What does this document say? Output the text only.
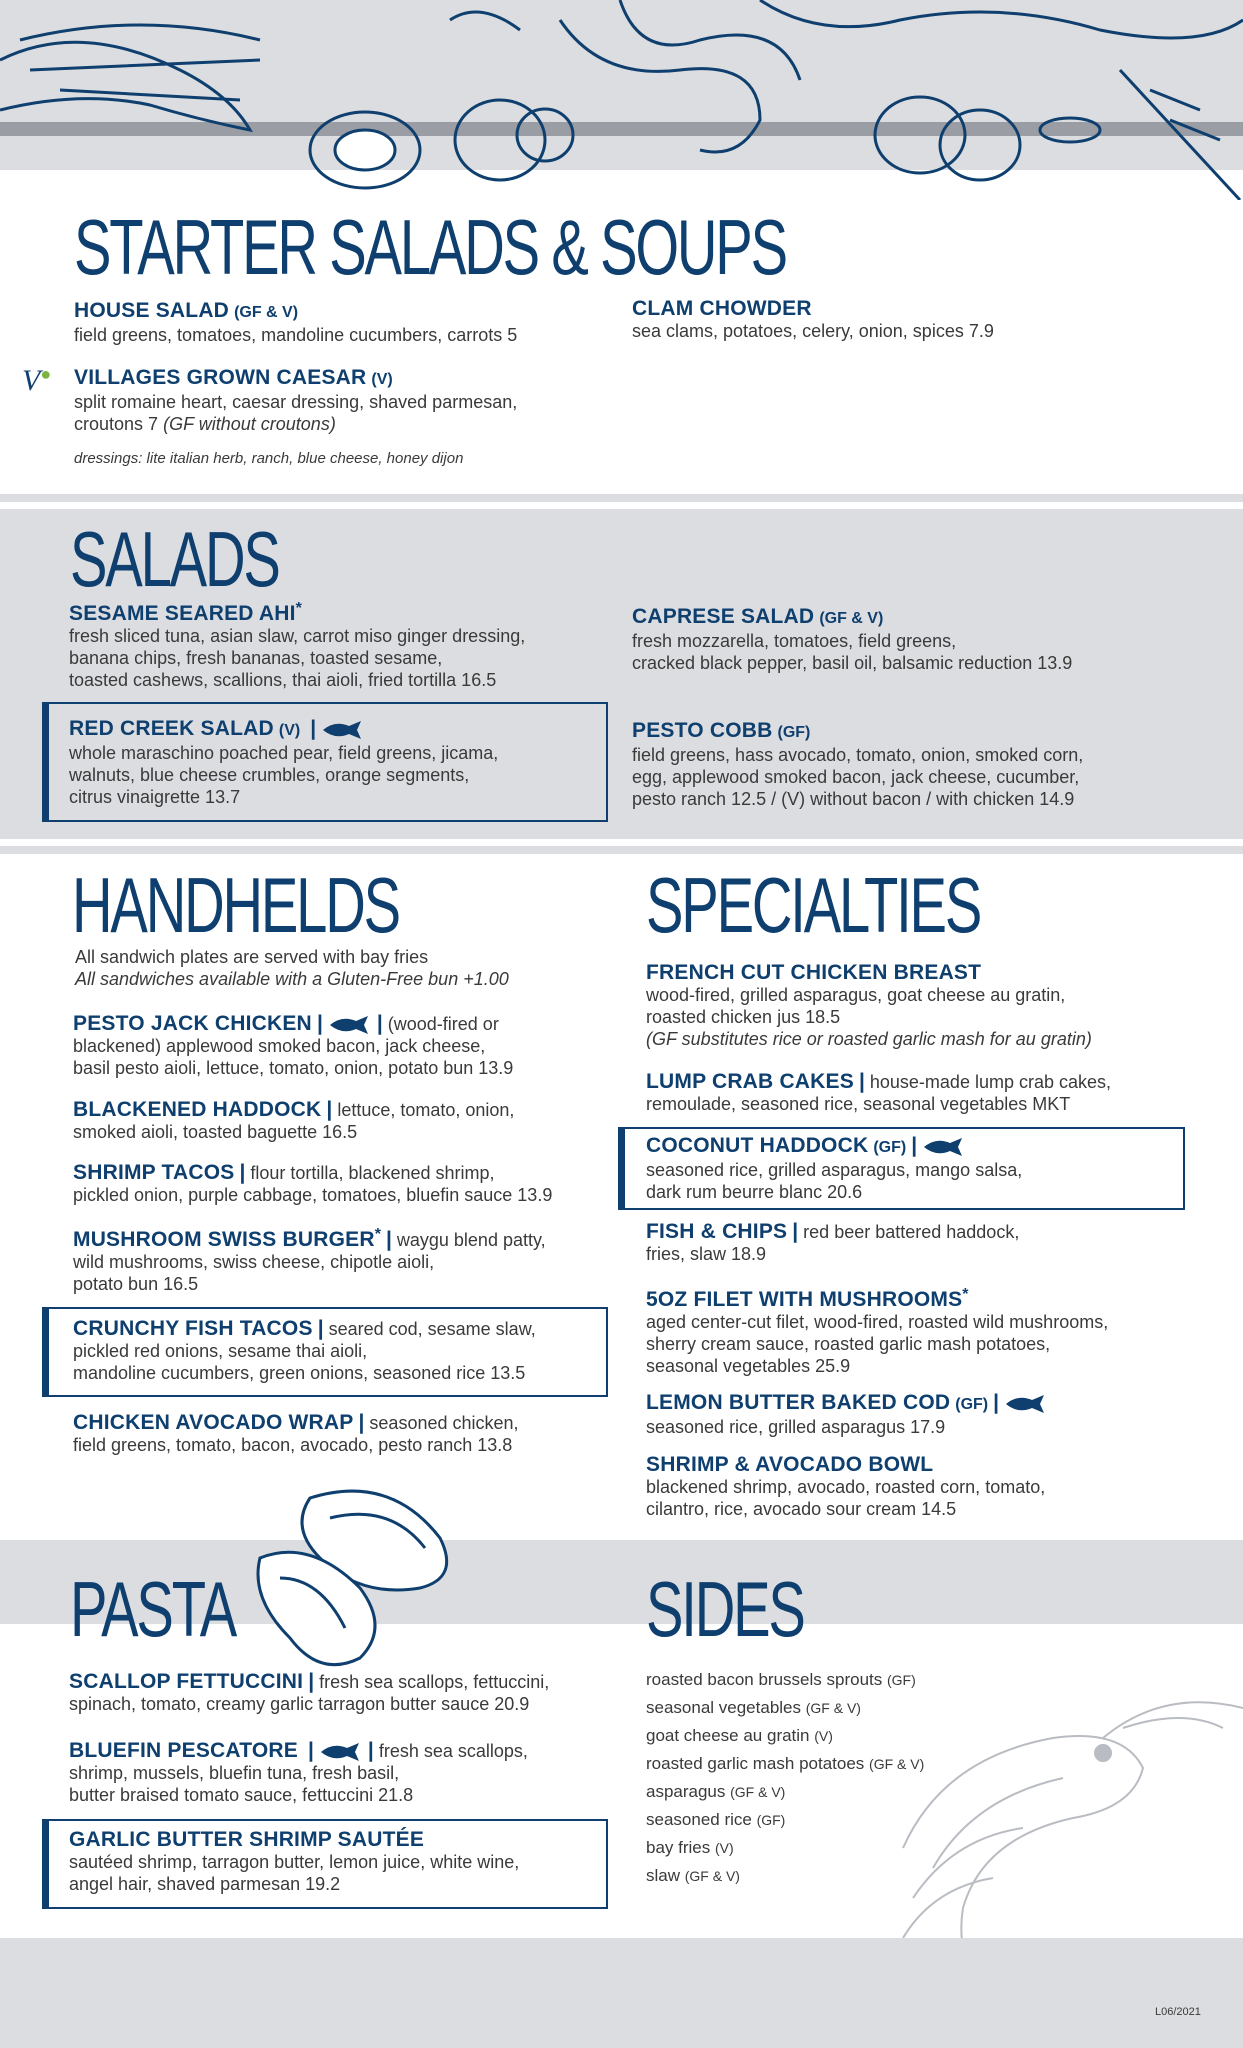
STARTER SALADS & SOUPS
HOUSE SALAD (GF & V)
field greens, tomatoes, mandoline cucumbers, carrots 5
V● VILLAGES GROWN CAESAR (V)
split romaine heart, caesar dressing, shaved parmesan,
croutons 7 (GF without croutons)
dressings: lite italian herb, ranch, blue cheese, honey dijon
CLAM CHOWDER
sea clams, potatoes, celery, onion, spices 7.9
SALADS
SESAME SEARED AHI*
fresh sliced tuna, asian slaw, carrot miso ginger dressing,
banana chips, fresh bananas, toasted sesame,
toasted cashews, scallions, thai aioli, fried tortilla 16.5
CAPRESE SALAD (GF & V)
fresh mozzarella, tomatoes, field greens,
cracked black pepper, basil oil, balsamic reduction 13.9
RED CREEK SALAD (V) |
whole maraschino poached pear, field greens, jicama,
walnuts, blue cheese crumbles, orange segments,
citrus vinaigrette 13.7
PESTO COBB (GF)
field greens, hass avocado, tomato, onion, smoked corn,
egg, applewood smoked bacon, jack cheese, cucumber,
pesto ranch 12.5 / (V) without bacon / with chicken 14.9
HANDHELDS
All sandwich plates are served with bay fries
All sandwiches available with a Gluten-Free bun +1.00
PESTO JACK CHICKEN |	| (wood-fired or
blackened) applewood smoked bacon, jack cheese,
basil pesto aioli, lettuce, tomato, onion, potato bun 13.9
BLACKENED HADDOCK | lettuce, tomato, onion,
smoked aioli, toasted baguette 16.5
SHRIMP TACOS | flour tortilla, blackened shrimp,
pickled onion, purple cabbage, tomatoes, bluefin sauce 13.9
MUSHROOM SWISS BURGER* | waygu blend patty,
wild mushrooms, swiss cheese, chipotle aioli,
potato bun 16.5
CRUNCHY FISH TACOS | seared cod, sesame slaw,
pickled red onions, sesame thai aioli,
mandoline cucumbers, green onions, seasoned rice 13.5
CHICKEN AVOCADO WRAP | seasoned chicken,
field greens, tomato, bacon, avocado, pesto ranch 13.8
SPECIALTIES
FRENCH CUT CHICKEN BREAST
wood-fired, grilled asparagus, goat cheese au gratin,
roasted chicken jus 18.5
(GF substitutes rice or roasted garlic mash for au gratin)
LUMP CRAB CAKES | house-made lump crab cakes,
remoulade, seasoned rice, seasonal vegetables MKT
COCONUT HADDOCK (GF) |
seasoned rice, grilled asparagus, mango salsa,
dark rum beurre blanc 20.6
FISH & CHIPS | red beer battered haddock,
fries, slaw 18.9
5OZ FILET WITH MUSHROOMS*
aged center-cut filet, wood-fired, roasted wild mushrooms,
sherry cream sauce, roasted garlic mash potatoes,
seasonal vegetables 25.9
LEMON BUTTER BAKED COD (GF) |
seasoned rice, grilled asparagus 17.9
SHRIMP & AVOCADO BOWL
blackened shrimp, avocado, roasted corn, tomato,
cilantro, rice, avocado sour cream 14.5
PASTA
SCALLOP FETTUCCINI | fresh sea scallops, fettuccini,
spinach, tomato, creamy garlic tarragon butter sauce 20.9
BLUEFIN PESCATORE |	| fresh sea scallops,
shrimp, mussels, bluefin tuna, fresh basil,
butter braised tomato sauce, fettuccini 21.8
GARLIC BUTTER SHRIMP SAUTÉE
sautéed shrimp, tarragon butter, lemon juice, white wine,
angel hair, shaved parmesan 19.2
SIDES
roasted bacon brussels sprouts (GF)
seasonal vegetables (GF & V)
goat cheese au gratin (V)
roasted garlic mash potatoes (GF & V)
asparagus (GF & V)
seasoned rice (GF)
bay fries (V)
slaw (GF & V)
L06/2021
